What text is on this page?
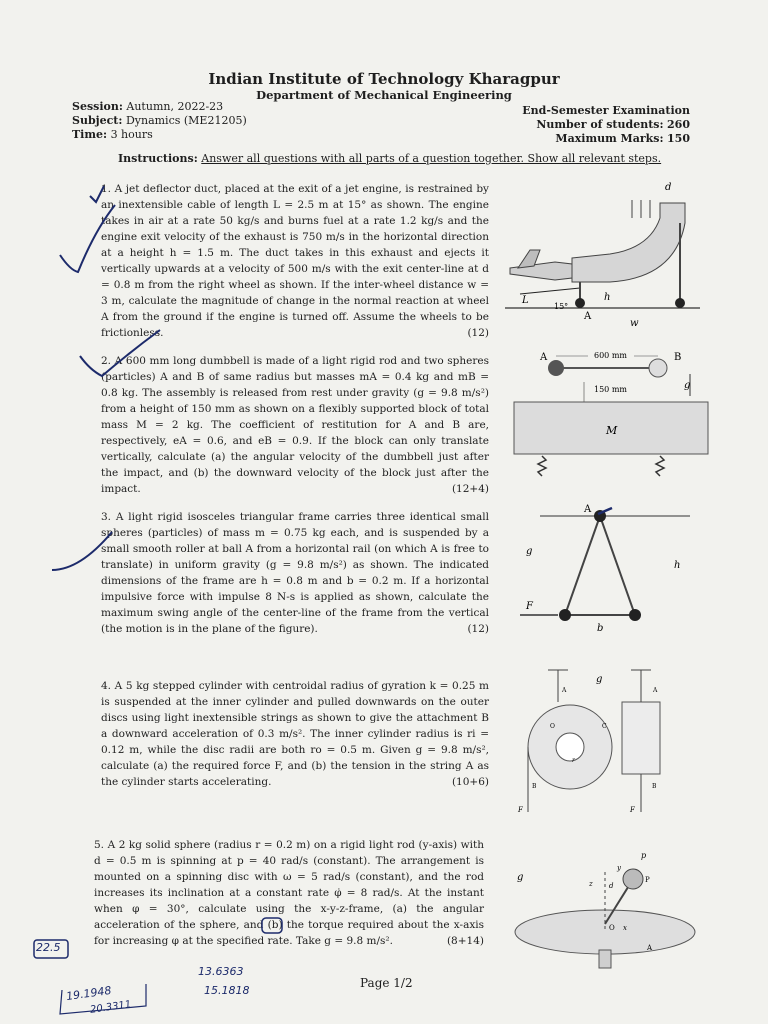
Indian Institute of Technology Kharagpur
Department of Mechanical Engineering
Session: Autumn, 2022-23
Subject: Dynamics (ME21205)
Time: 3 hours
End-Semester Examination
Number of students: 260
Maximum Marks: 150
Instructions: Answer all questions with all parts of a question together. Show all relevant steps.
1. A jet deflector duct, placed at the exit of a jet engine, is restrained by an inextensible cable of length L = 2.5 m at 15° as shown. The engine takes in air at a rate 50 kg/s and burns fuel at a rate 1.2 kg/s and the engine exit velocity of the exhaust is 750 m/s in the horizontal direction at a height h = 1.5 m. The duct takes in this exhaust and ejects it vertically upwards at a velocity of 500 m/s with the exit center-line at d = 0.8 m from the right wheel as shown. If the inter-wheel distance w = 3 m, calculate the magnitude of change in the normal reaction at wheel A from the ground if the engine is turned off. Assume the wheels to be frictionless.	(12)
2. A 600 mm long dumbbell is made of a light rigid rod and two spheres (particles) A and B of same radius but masses mA = 0.4 kg and mB = 0.8 kg. The assembly is released from rest under gravity (g = 9.8 m/s²) from a height of 150 mm as shown on a flexibly supported block of total mass M = 2 kg. The coefficient of restitution for A and B are, respectively, eA = 0.6, and eB = 0.9. If the block can only translate vertically, calculate (a) the angular velocity of the dumbbell just after the impact, and (b) the downward velocity of the block just after the impact.	(12+4)
3. A light rigid isosceles triangular frame carries three identical small spheres (particles) of mass m = 0.75 kg each, and is suspended by a small smooth roller at ball A from a horizontal rail (on which A is free to translate) in uniform gravity (g = 9.8 m/s²) as shown. The indicated dimensions of the frame are h = 0.8 m and b = 0.2 m. If a horizontal impulsive force with impulse 8 N-s is applied as shown, calculate the maximum swing angle of the center-line of the frame from the vertical (the motion is in the plane of the figure).	(12)
4. A 5 kg stepped cylinder with centroidal radius of gyration k = 0.25 m is suspended at the inner cylinder and pulled downwards on the outer discs using light inextensible strings as shown to give the attachment B a downward acceleration of 0.3 m/s². The inner cylinder radius is ri = 0.12 m, while the disc radii are both ro = 0.5 m. Given g = 9.8 m/s², calculate (a) the required force F, and (b) the tension in the string A as the cylinder starts accelerating.	(10+6)
5. A 2 kg solid sphere (radius r = 0.2 m) on a rigid light rod (y-axis) with d = 0.5 m is spinning at p = 40 rad/s (constant). The arrangement is mounted on a spinning disc with ω = 5 rad/s (constant), and the rod increases its inclination at a constant rate φ̇ = 8 rad/s. At the instant when φ = 30°, calculate using the x-y-z-frame, (a) the angular acceleration of the sphere, and (b) the torque required about the x-axis for increasing φ at the specified rate. Take g = 9.8 m/s².	(8+14)
d
L
15°
h
A
w
A	B
600 mm
150 mm	g
M
A
g
h
F
b
g
A	A
O	C
r
B	B
F	F
g
p
d
P
z
y
O x
A
22.5
13.6363
15.1818
19.1948
20.3311
Page 1/2
